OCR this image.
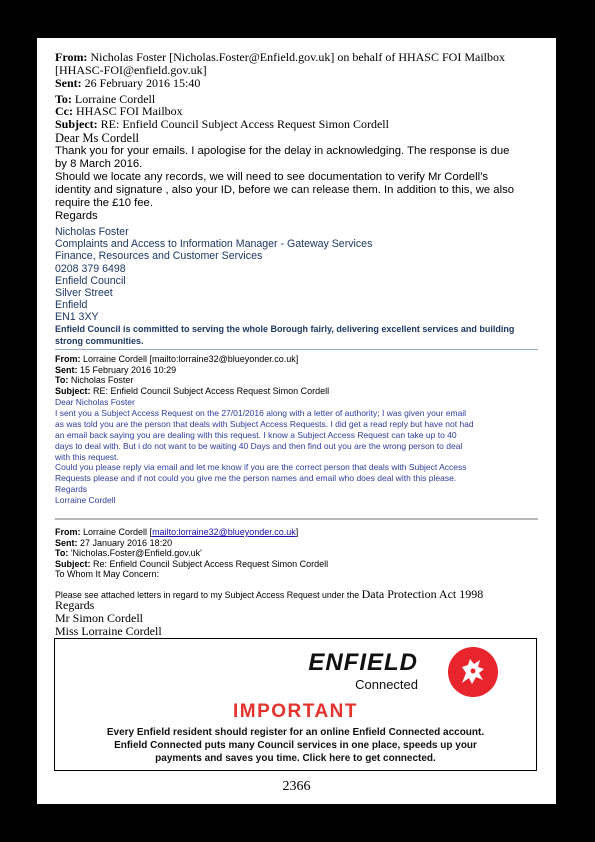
From: Nicholas Foster [Nicholas.Foster@Enfield.gov.uk] on behalf of HHASC FOI Mailbox
[HHASC-FOI@enfield.gov.uk]
Sent: 26 February 2016 15:40
To: Lorraine Cordell
Cc: HHASC FOI Mailbox
Subject: RE: Enfield Council Subject Access Request Simon Cordell
Dear Ms Cordell
Thank you for your emails. I apologise for the delay in acknowledging. The response is due
by 8 March 2016.
Should we locate any records, we will need to see documentation to verify Mr Cordell’s
identity and signature , also your ID, before we can release them. In addition to this, we also
require the £10 fee.
Regards
Nicholas Foster
Complaints and Access to Information Manager - Gateway Services
Finance, Resources and Customer Services
0208 379 6498
Enfield Council
Silver Street
Enfield
EN1 3XY
Enfield Council is committed to serving the whole Borough fairly, delivering excellent services and building
strong communities.
From: Lorraine Cordell [mailto:lorraine32@blueyonder.co.uk]
Sent: 15 February 2016 10:29
To: Nicholas Foster
Subject: RE: Enfield Council Subject Access Request Simon Cordell
Dear Nicholas Foster
I sent you a Subject Access Request on the 27/01/2016 along with a letter of authority; I was given your email
as was told you are the person that deals with Subject Access Requests. I did get a read reply but have not had
an email back saying you are dealing with this request. I know a Subject Access Request can take up to 40
days to deal with. But i do not want to be waiting 40 Days and then find out you are the wrong person to deal
with this request.
Could you please reply via email and let me know if you are the correct person that deals with Subject Access
Requests please and if not could you give me the person names and email who does deal with this please.
Regards
Lorraine Cordell
From: Lorraine Cordell [mailto:lorraine32@blueyonder.co.uk]
Sent: 27 January 2016 18:20
To: 'Nicholas.Foster@Enfield.gov.uk'
Subject: Re: Enfield Council Subject Access Request Simon Cordell
To Whom It May Concern:
Please see attached letters in regard to my Subject Access Request under the Data Protection Act 1998
Regards
Mr Simon Cordell
Miss Lorraine Cordell
ENFIELD
Connected
IMPORTANT
Every Enfield resident should register for an online Enfield Connected account.
Enfield Connected puts many Council services in one place, speeds up your
payments and saves you time. Click here to get connected.
2366
